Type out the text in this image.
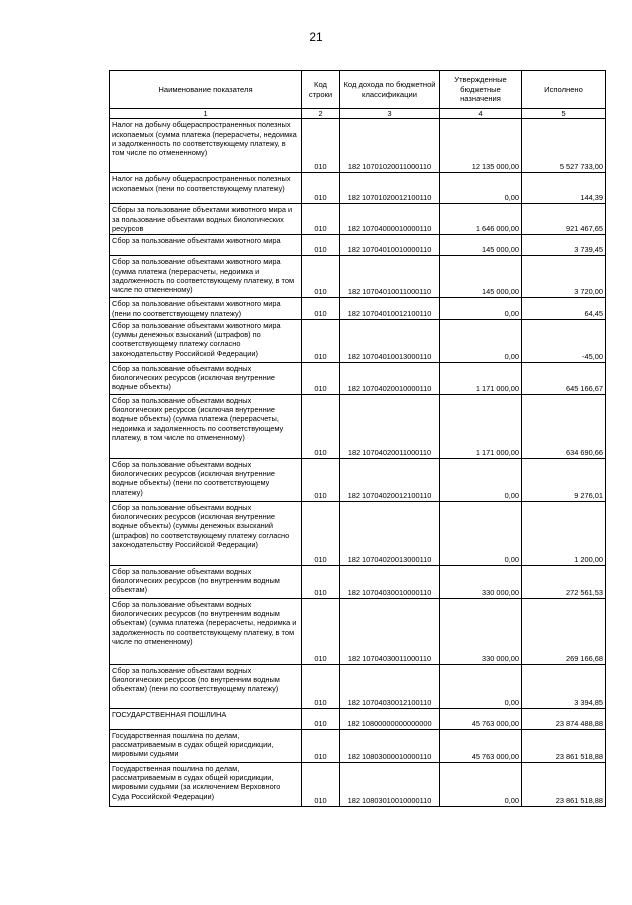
21
Наименование показателя	Код строки	Код дохода по бюджетной классификации	Утвержденные бюджетные назначения	Исполнено
1	2	3	4	5
Налог на добычу общераспространенных полезных ископаемых (сумма платежа (перерасчеты, недоимка и задолженность по соответствующему платежу, в том числе по отмененному)	010	182 10701020011000110	12 135 000,00	5 527 733,00
Налог на добычу общераспространенных полезных ископаемых (пени по соответствующему платежу)	010	182 10701020012100110	0,00	144,39
Сборы за пользование объектами животного мира и за пользование объектами водных биологических ресурсов	010	182 10704000010000110	1 646 000,00	921 467,65
Сбор за пользование объектами животного мира	010	182 10704010010000110	145 000,00	3 739,45
Сбор за пользование объектами животного мира (сумма платежа (перерасчеты, недоимка и задолженность по соответствующему платежу, в том числе по отмененному)	010	182 10704010011000110	145 000,00	3 720,00
Сбор за пользование объектами животного мира (пени по соответствующему платежу)	010	182 10704010012100110	0,00	64,45
Сбор за пользование объектами животного мира (суммы денежных взысканий (штрафов) по соответствующему платежу согласно законодательству Российской Федерации)	010	182 10704010013000110	0,00	-45,00
Сбор за пользование объектами водных биологических ресурсов (исключая внутренние водные объекты)	010	182 10704020010000110	1 171 000,00	645 166,67
Сбор за пользование объектами водных биологических ресурсов (исключая внутренние водные объекты) (сумма платежа (перерасчеты, недоимка и задолженность по соответствующему платежу, в том числе по отмененному)	010	182 10704020011000110	1 171 000,00	634 690,66
Сбор за пользование объектами водных биологических ресурсов (исключая внутренние водные объекты) (пени по соответствующему платежу)	010	182 10704020012100110	0,00	9 276,01
Сбор за пользование объектами водных биологических ресурсов (исключая внутренние водные объекты) (суммы денежных взысканий (штрафов) по соответствующему платежу согласно законодательству Российской Федерации)	010	182 10704020013000110	0,00	1 200,00
Сбор за пользование объектами водных биологических ресурсов (по внутренним водным объектам)	010	182 10704030010000110	330 000,00	272 561,53
Сбор за пользование объектами водных биологических ресурсов (по внутренним водным объектам) (сумма платежа (перерасчеты, недоимка и задолженность по соответствующему платежу, в том числе по отмененному)	010	182 10704030011000110	330 000,00	269 166,68
Сбор за пользование объектами водных биологических ресурсов (по внутренним водным объектам) (пени по соответствующему платежу)	010	182 10704030012100110	0,00	3 394,85
ГОСУДАРСТВЕННАЯ ПОШЛИНА	010	182 10800000000000000	45 763 000,00	23 874 488,88
Государственная пошлина по делам, рассматриваемым в судах общей юрисдикции, мировыми судьями	010	182 10803000010000110	45 763 000,00	23 861 518,88
Государственная пошлина по делам, рассматриваемым в судах общей юрисдикции, мировыми судьями (за исключением Верховного Суда Российской Федерации)	010	182 10803010010000110	0,00	23 861 518,88
